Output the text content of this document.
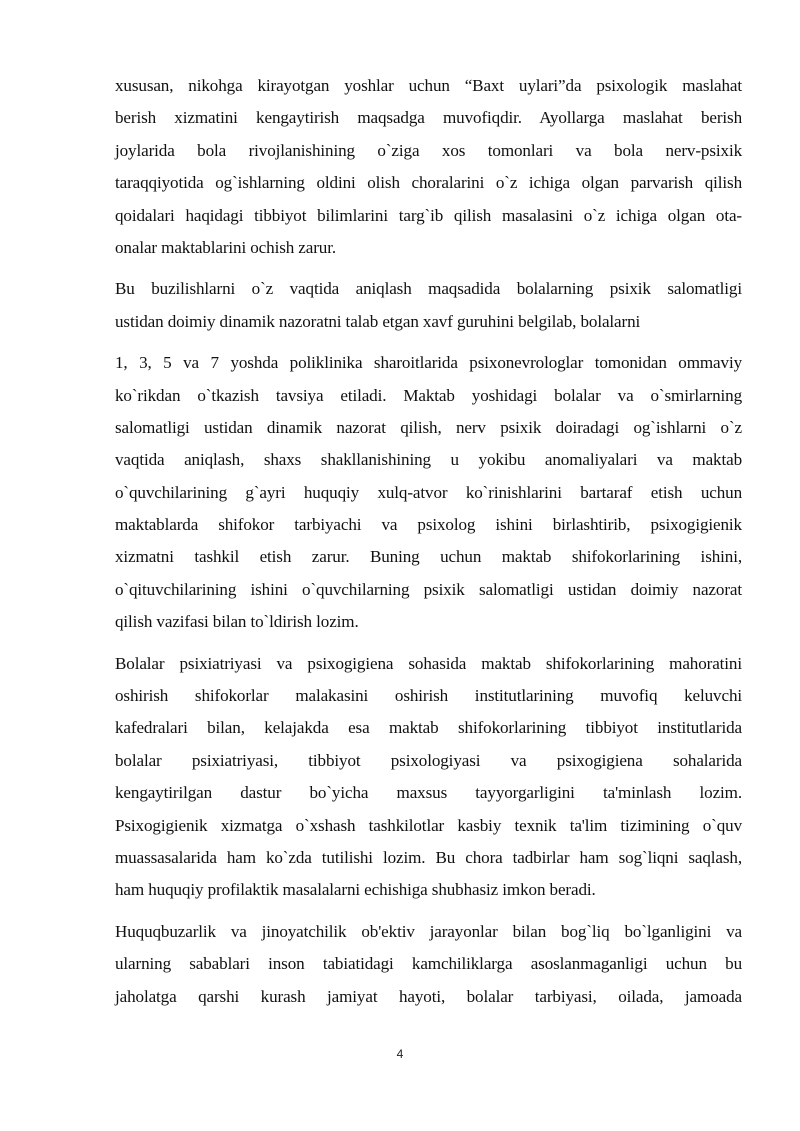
xususan, nikohga kirayotgan yoshlar uchun “Baxt uylari”da psixologik maslahat
berish xizmatini kengaytirish maqsadga muvofiqdir. Ayollarga maslahat berish
joylarida bola rivojlanishining o`ziga xos tomonlari va bola nerv-psixik
taraqqiyotida og`ishlarning oldini olish choralarini o`z ichiga olgan parvarish qilish
qoidalari haqidagi tibbiyot bilimlarini targ`ib qilish masalasini o`z ichiga olgan ota-
onalar maktablarini ochish zarur.

Bu buzilishlarni o`z vaqtida aniqlash maqsadida bolalarning psixik salomatligi
ustidan doimiy dinamik nazoratni talab etgan xavf guruhini belgilab, bolalarni

1, 3, 5 va 7 yoshda poliklinika sharoitlarida psixonevrologlar tomonidan ommaviy
ko`rikdan o`tkazish tavsiya etiladi. Maktab yoshidagi bolalar va o`smirlarning
salomatligi ustidan dinamik nazorat qilish, nerv psixik doiradagi og`ishlarni o`z
vaqtida aniqlash, shaxs shakllanishining u yokibu anomaliyalari va maktab
o`quvchilarining g`ayri huquqiy xulq-atvor ko`rinishlarini bartaraf etish uchun
maktablarda shifokor tarbiyachi va psixolog ishini birlashtirib, psixogigienik
xizmatni tashkil etish zarur. Buning uchun maktab shifokorlarining ishini,
o`qituvchilarining ishini o`quvchilarning psixik salomatligi ustidan doimiy nazorat
qilish vazifasi bilan to`ldirish lozim.

Bolalar psixiatriyasi va psixogigiena sohasida maktab shifokorlarining mahoratini
oshirish shifokorlar malakasini oshirish institutlarining muvofiq keluvchi
kafedralari bilan, kelajakda esa maktab shifokorlarining tibbiyot institutlarida
bolalar psixiatriyasi, tibbiyot psixologiyasi va psixogigiena sohalarida
kengaytirilgan dastur bo`yicha maxsus tayyorgarligini ta'minlash lozim.
Psixogigienik xizmatga o`xshash tashkilotlar kasbiy texnik ta'lim tizimining o`quv
muassasalarida ham ko`zda tutilishi lozim. Bu chora tadbirlar ham sog`liqni saqlash,
ham huquqiy profilaktik masalalarni echishiga shubhasiz imkon beradi.

Huquqbuzarlik va jinoyatchilik ob'ektiv jarayonlar bilan bog`liq bo`lganligini va
ularning sabablari inson tabiatidagi kamchiliklarga asoslanmaganligi uchun bu
jaholatga qarshi kurash jamiyat hayoti, bolalar tarbiyasi, oilada, jamoada

4
